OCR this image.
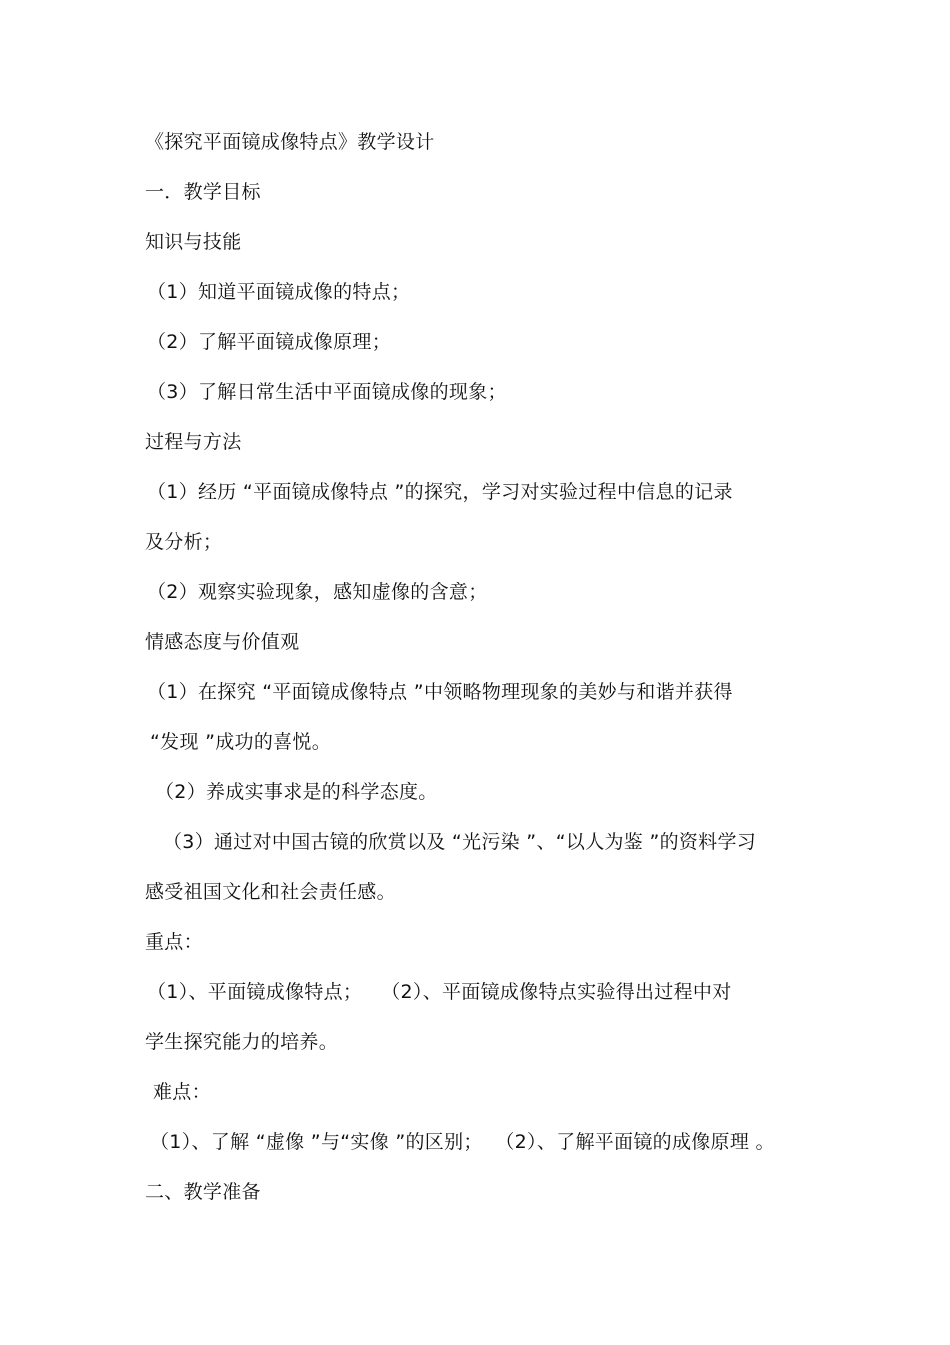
《探究平面镜成像特点》教学设计
一．教学目标
知识与技能
（1）知道平面镜成像的特点；
（2）了解平面镜成像原理；
（3）了解日常生活中平面镜成像的现象；
过程与方法
（1）经历 “平面镜成像特点 ”的探究，学习对实验过程中信息的记录
及分析；
（2）观察实验现象，感知虚像的含意；
情感态度与价值观
（1）在探究 “平面镜成像特点 ”中领略物理现象的美妙与和谐并获得
“发现 ”成功的喜悦。
（2）养成实事求是的科学态度。
（3）通过对中国古镜的欣赏以及 “光污染 ”、“以人为鉴 ”的资料学习
感受祖国文化和社会责任感。
重点：
（1）、平面镜成像特点；   （2）、平面镜成像特点实验得出过程中对
学生探究能力的培养。
难点：
（1）、了解 “虚像 ”与“实像 ”的区别；  （2）、了解平面镜的成像原理 。
二、教学准备
